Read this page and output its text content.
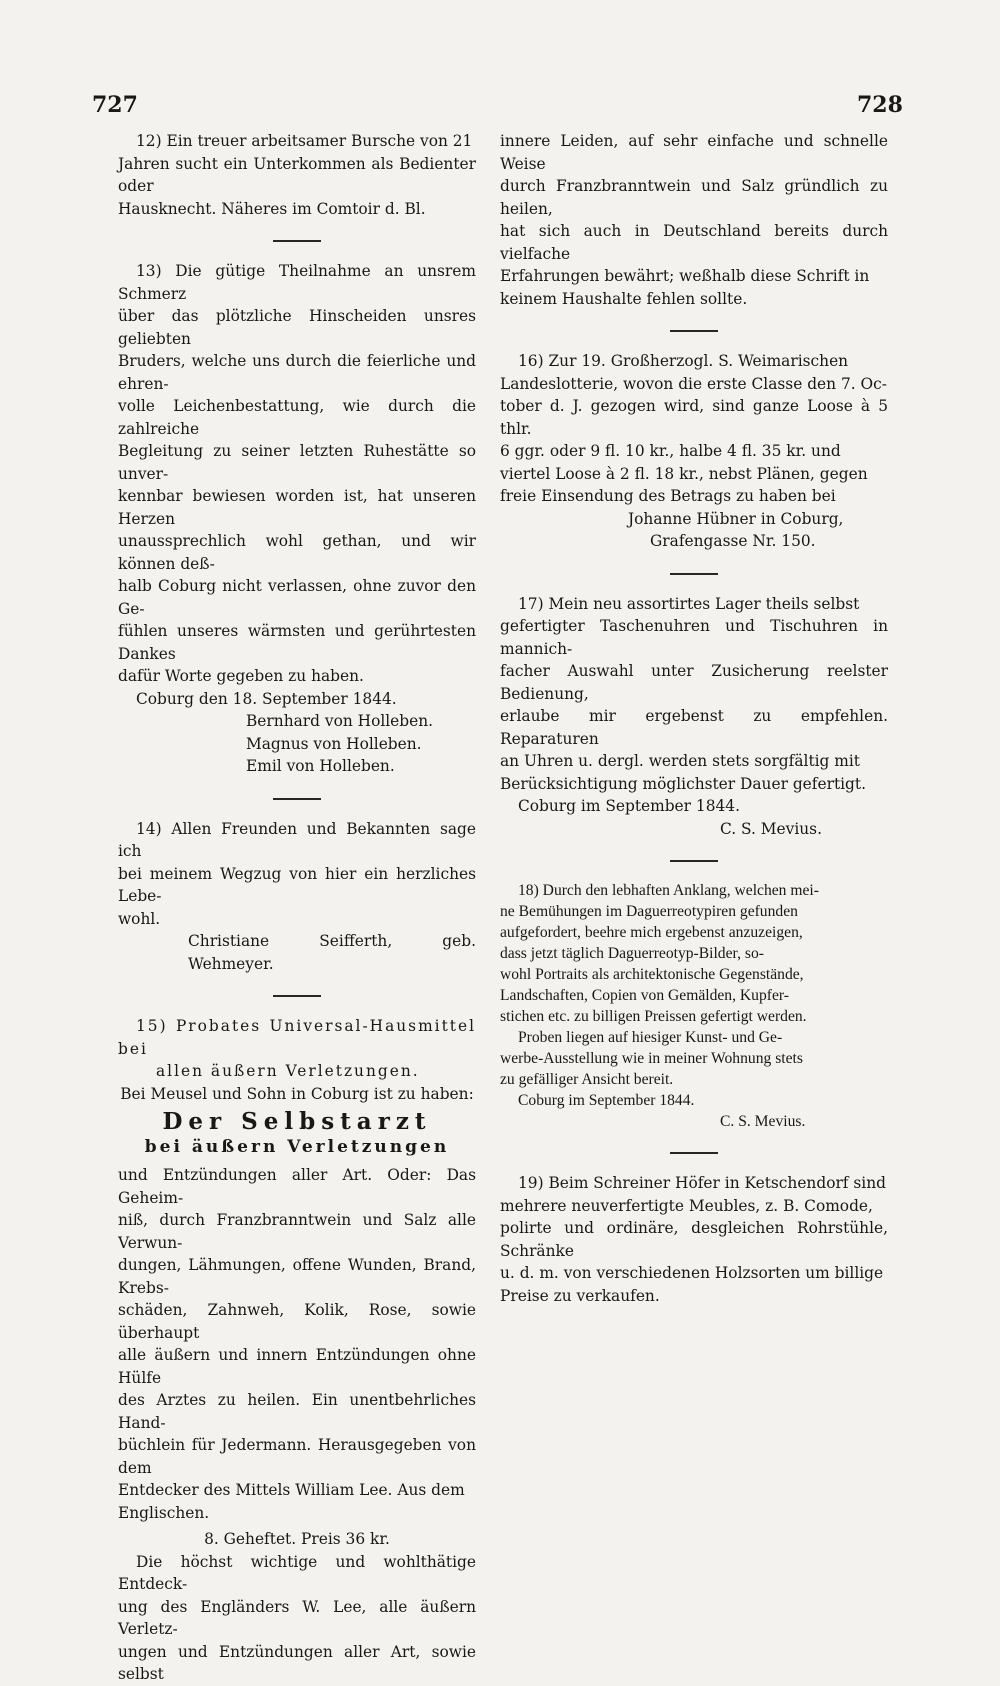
727	728

12) Ein treuer arbeitsamer Bursche von 21

Jahren sucht ein Unterkommen als Bedienter oder

Hausknecht. Näheres im Comtoir d. Bl.

13) Die gütige Theilnahme an unsrem Schmerz

über das plötzliche Hinscheiden unsres geliebten

Bruders, welche uns durch die feierliche und ehren-

volle Leichenbestattung, wie durch die zahlreiche

Begleitung zu seiner letzten Ruhestätte so unver-

kennbar bewiesen worden ist, hat unseren Herzen

unaussprechlich wohl gethan, und wir können deß-

halb Coburg nicht verlassen, ohne zuvor den Ge-

fühlen unseres wärmsten und gerührtesten Dankes

dafür Worte gegeben zu haben.

Coburg den 18. September 1844.

Bernhard von Holleben.

Magnus von Holleben.

Emil von Holleben.

14) Allen Freunden und Bekannten sage ich

bei meinem Wegzug von hier ein herzliches Lebe-

wohl.

Christiane Seifferth, geb. Wehmeyer.

15) Probates Universal-Hausmittel bei

allen äußern Verletzungen.

Bei Meusel und Sohn in Coburg ist zu haben:

Der Selbstarzt
bei äußern Verletzungen

und Entzündungen aller Art. Oder: Das Geheim-

niß, durch Franzbranntwein und Salz alle Verwun-

dungen, Lähmungen, offene Wunden, Brand, Krebs-

schäden, Zahnweh, Kolik, Rose, sowie überhaupt

alle äußern und innern Entzündungen ohne Hülfe

des Arztes zu heilen. Ein unentbehrliches Hand-

büchlein für Jedermann. Herausgegeben von dem

Entdecker des Mittels William Lee. Aus dem

Englischen.

8. Geheftet. Preis 36 kr.

Die höchst wichtige und wohlthätige Entdeck-

ung des Engländers W. Lee, alle äußern Verletz-

ungen und Entzündungen aller Art, sowie selbst

innere Leiden, auf sehr einfache und schnelle Weise

durch Franzbranntwein und Salz gründlich zu heilen,

hat sich auch in Deutschland bereits durch vielfache

Erfahrungen bewährt; weßhalb diese Schrift in

keinem Haushalte fehlen sollte.

16) Zur 19. Großherzogl. S. Weimarischen

Landeslotterie, wovon die erste Classe den 7. Oc-

tober d. J. gezogen wird, sind ganze Loose à 5 thlr.

6 ggr. oder 9 fl. 10 kr., halbe 4 fl. 35 kr. und

viertel Loose à 2 fl. 18 kr., nebst Plänen, gegen

freie Einsendung des Betrags zu haben bei

Johanne Hübner in Coburg,

Grafengasse Nr. 150.

17) Mein neu assortirtes Lager theils selbst

gefertigter Taschenuhren und Tischuhren in mannich-

facher Auswahl unter Zusicherung reelster Bedienung,

erlaube mir ergebenst zu empfehlen. Reparaturen

an Uhren u. dergl. werden stets sorgfältig mit

Berücksichtigung möglichster Dauer gefertigt.

Coburg im September 1844.

C. S. Mevius.

18) Durch den lebhaften Anklang, welchen mei-

ne Bemühungen im Daguerreotypiren gefunden

aufgefordert, beehre mich ergebenst anzuzeigen,

dass jetzt täglich Daguerreotyp-Bilder, so-

wohl Portraits als architektonische Gegenstände,

Landschaften, Copien von Gemälden, Kupfer-

stichen etc. zu billigen Preissen gefertigt werden.

Proben liegen auf hiesiger Kunst- und Ge-

werbe-Ausstellung wie in meiner Wohnung stets

zu gefälliger Ansicht bereit.

Coburg im September 1844.

C. S. Mevius.

19) Beim Schreiner Höfer in Ketschendorf sind

mehrere neuverfertigte Meubles, z. B. Comode,

polirte und ordinäre, desgleichen Rohrstühle, Schränke

u. d. m. von verschiedenen Holzsorten um billige

Preise zu verkaufen.
